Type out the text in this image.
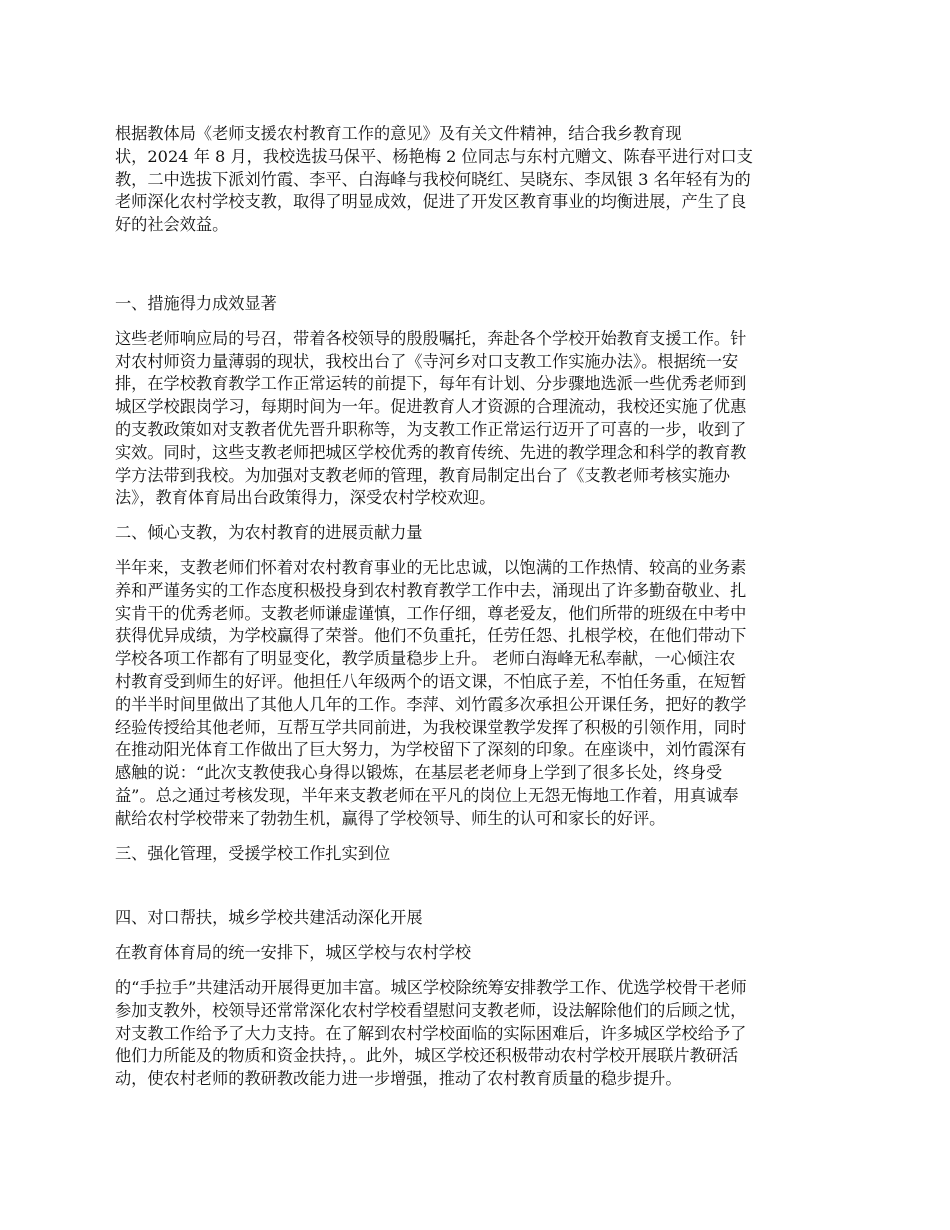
根据教体局《老师支援农村教育工作的意见》及有关文件精神，结合我乡教育现

状，2024 年 8 月，我校选拔马保平、杨艳梅 2 位同志与东村亢赠文、陈春平进行对口支

教，二中选拔下派刘竹霞、李平、白海峰与我校何晓红、吴晓东、李凤银 3 名年轻有为的

老师深化农村学校支教，取得了明显成效，促进了开发区教育事业的均衡进展，产生了良

好的社会效益。

一、措施得力成效显著

这些老师响应局的号召，带着各校领导的殷殷嘱托，奔赴各个学校开始教育支援工作。针

对农村师资力量薄弱的现状，我校出台了《寺河乡对口支教工作实施办法》。根据统一安

排，在学校教育教学工作正常运转的前提下，每年有计划、分步骤地选派一些优秀老师到

城区学校跟岗学习，每期时间为一年。促进教育人才资源的合理流动，我校还实施了优惠

的支教政策如对支教者优先晋升职称等，为支教工作正常运行迈开了可喜的一步，收到了

实效。同时，这些支教老师把城区学校优秀的教育传统、先进的教学理念和科学的教育教

学方法带到我校。为加强对支教老师的管理，教育局制定出台了《支教老师考核实施办

法》，教育体育局出台政策得力，深受农村学校欢迎。

二、倾心支教，为农村教育的进展贡献力量

半年来，支教老师们怀着对农村教育事业的无比忠诚，以饱满的工作热情、较高的业务素

养和严谨务实的工作态度积极投身到农村教育教学工作中去，涌现出了许多勤奋敬业、扎

实肯干的优秀老师。支教老师谦虚谨慎，工作仔细，尊老爱友，他们所带的班级在中考中

获得优异成绩，为学校赢得了荣誉。他们不负重托，任劳任怨、扎根学校，在他们带动下

学校各项工作都有了明显变化，教学质量稳步上升。 老师白海峰无私奉献，一心倾注农

村教育受到师生的好评。他担任八年级两个的语文课，不怕底子差，不怕任务重，在短暂

的半半时间里做出了其他人几年的工作。李萍、刘竹霞多次承担公开课任务，把好的教学

经验传授给其他老师，互帮互学共同前进，为我校课堂教学发挥了积极的引领作用，同时

在推动阳光体育工作做出了巨大努力，为学校留下了深刻的印象。在座谈中，刘竹霞深有

感触的说：“此次支教使我心身得以锻炼，在基层老老师身上学到了很多长处，终身受

益”。总之通过考核发现，半年来支教老师在平凡的岗位上无怨无悔地工作着，用真诚奉

献给农村学校带来了勃勃生机，赢得了学校领导、师生的认可和家长的好评。

三、强化管理，受援学校工作扎实到位

四、对口帮扶，城乡学校共建活动深化开展

在教育体育局的统一安排下，城区学校与农村学校

的“手拉手”共建活动开展得更加丰富。城区学校除统筹安排教学工作、优选学校骨干老师

参加支教外，校领导还常常深化农村学校看望慰问支教老师，设法解除他们的后顾之忧，

对支教工作给予了大力支持。在了解到农村学校面临的实际困难后，许多城区学校给予了

他们力所能及的物质和资金扶持，。此外，城区学校还积极带动农村学校开展联片教研活

动，使农村老师的教研教改能力进一步增强，推动了农村教育质量的稳步提升。
